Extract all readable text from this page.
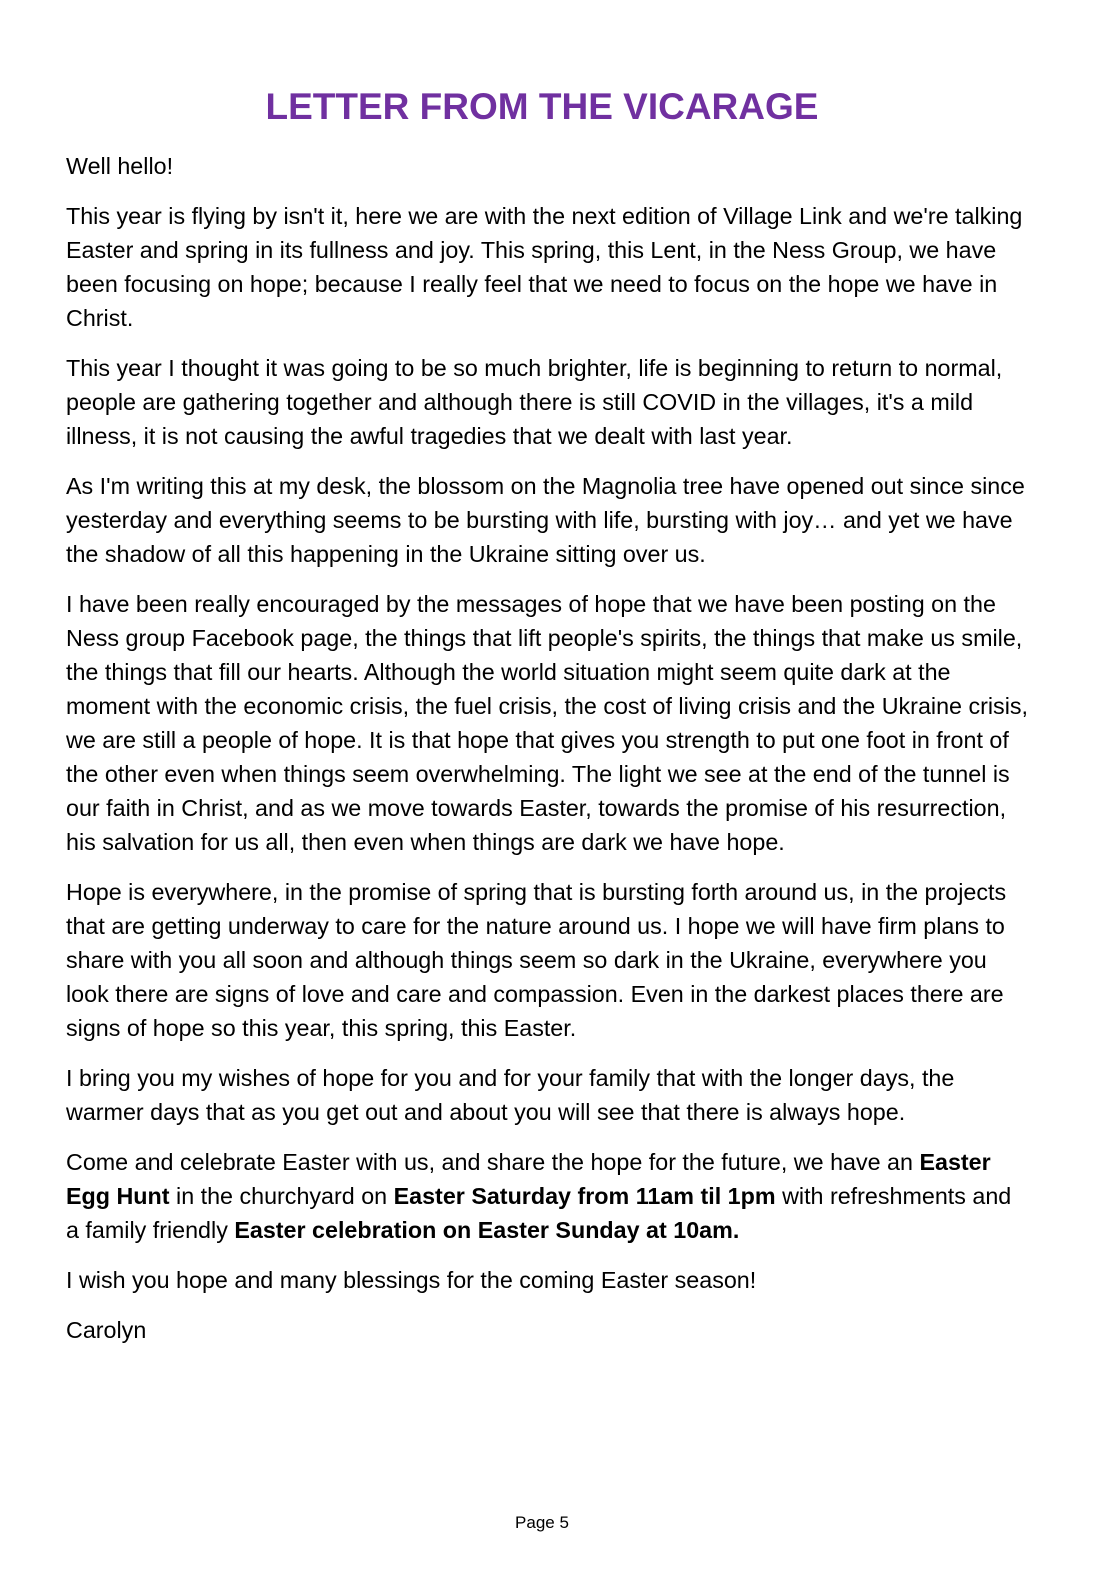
LETTER FROM THE VICARAGE

Well hello!

This year is flying by isn't it, here we are with the next edition of Village Link and we're talking Easter and spring in its fullness and joy. This spring, this Lent, in the Ness Group, we have been focusing on hope; because I really feel that we need to focus on the hope we have in Christ.

This year I thought it was going to be so much brighter, life is beginning to return to normal, people are gathering together and although there is still COVID in the villages, it's a mild illness, it is not causing the awful tragedies that we dealt with last year.

As I'm writing this at my desk, the blossom on the Magnolia tree have opened out since since yesterday and everything seems to be bursting with life, bursting with joy… and yet we have the shadow of all this happening in the Ukraine sitting over us.

I have been really encouraged by the messages of hope that we have been posting on the Ness group Facebook page, the things that lift people's spirits, the things that make us smile, the things that fill our hearts. Although the world situation might seem quite dark at the moment with the economic crisis, the fuel crisis, the cost of living crisis and the Ukraine crisis, we are still a people of hope. It is that hope that gives you strength to put one foot in front of the other even when things seem overwhelming. The light we see at the end of the tunnel is our faith in Christ, and as we move towards Easter, towards the promise of his resurrection, his salvation for us all, then even when things are dark we have hope.

Hope is everywhere, in the promise of spring that is bursting forth around us, in the projects that are getting underway to care for the nature around us. I hope we will have firm plans to share with you all soon and although things seem so dark in the Ukraine, everywhere you look there are signs of love and care and compassion. Even in the darkest places there are signs of hope so this year, this spring, this Easter.

I bring you my wishes of hope for you and for your family that with the longer days, the warmer days that as you get out and about you will see that there is always hope.

Come and celebrate Easter with us, and share the hope for the future, we have an Easter Egg Hunt in the churchyard on Easter Saturday from 11am til 1pm with refreshments and a family friendly Easter celebration on Easter Sunday at 10am.

I wish you hope and many blessings for the coming Easter season!

Carolyn

Page 5
